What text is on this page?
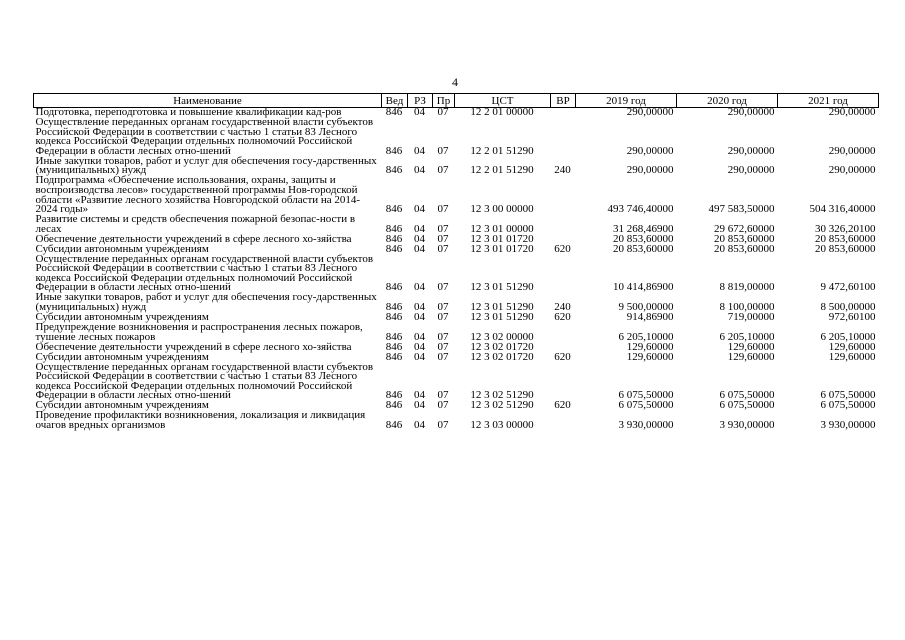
4
Наименование	Вед	РЗ	Пр	ЦСТ	ВР	2019 год	2020 год	2021 год
Подготовка, переподготовка и повышение квалификации кад-ров	846	04	07	12 2 01 00000		290,00000	290,00000	290,00000
Осуществление переданных органам государственной власти субъектов Российской Федерации в соответствии с частью 1 статьи 83 Лесного кодекса Российской Федерации отдельных полномочий Российской Федерации в области лесных отно-шений	846	04	07	12 2 01 51290		290,00000	290,00000	290,00000
Иные закупки товаров, работ и услуг для обеспечения госу-дарственных (муниципальных) нужд	846	04	07	12 2 01 51290	240	290,00000	290,00000	290,00000
Подпрограмма «Обеспечение использования, охраны, защиты и воспроизводства лесов» государственной программы Нов-городской области «Развитие лесного хозяйства Новгородской области на 2014-2024 годы»	846	04	07	12 3 00 00000		493 746,40000	497 583,50000	504 316,40000
Развитие системы и средств обеспечения пожарной безопас-ности в лесах	846	04	07	12 3 01 00000		31 268,46900	29 672,60000	30 326,20100
Обеспечение деятельности учреждений в сфере лесного хо-зяйства	846	04	07	12 3 01 01720		20 853,60000	20 853,60000	20 853,60000
Субсидии автономным учреждениям	846	04	07	12 3 01 01720	620	20 853,60000	20 853,60000	20 853,60000
Осуществление переданных органам государственной власти субъектов Российской Федерации в соответствии с частью 1 статьи 83 Лесного кодекса Российской Федерации отдельных полномочий Российской Федерации в области лесных отно-шений	846	04	07	12 3 01 51290		10 414,86900	8 819,00000	9 472,60100
Иные закупки товаров, работ и услуг для обеспечения госу-дарственных (муниципальных) нужд	846	04	07	12 3 01 51290	240	9 500,00000	8 100,00000	8 500,00000
Субсидии автономным учреждениям	846	04	07	12 3 01 51290	620	914,86900	719,00000	972,60100
Предупреждение возникновения и распространения лесных пожаров, тушение лесных пожаров	846	04	07	12 3 02 00000		6 205,10000	6 205,10000	6 205,10000
Обеспечение деятельности учреждений в сфере лесного хо-зяйства	846	04	07	12 3 02 01720		129,60000	129,60000	129,60000
Субсидии автономным учреждениям	846	04	07	12 3 02 01720	620	129,60000	129,60000	129,60000
Осуществление переданных органам государственной власти субъектов Российской Федерации в соответствии с частью 1 статьи 83 Лесного кодекса Российской Федерации отдельных полномочий Российской Федерации в области лесных отно-шений	846	04	07	12 3 02 51290		6 075,50000	6 075,50000	6 075,50000
Субсидии автономным учреждениям	846	04	07	12 3 02 51290	620	6 075,50000	6 075,50000	6 075,50000
Проведение профилактики возникновения, локализация и ликвидация очагов вредных организмов	846	04	07	12 3 03 00000		3 930,00000	3 930,00000	3 930,00000
